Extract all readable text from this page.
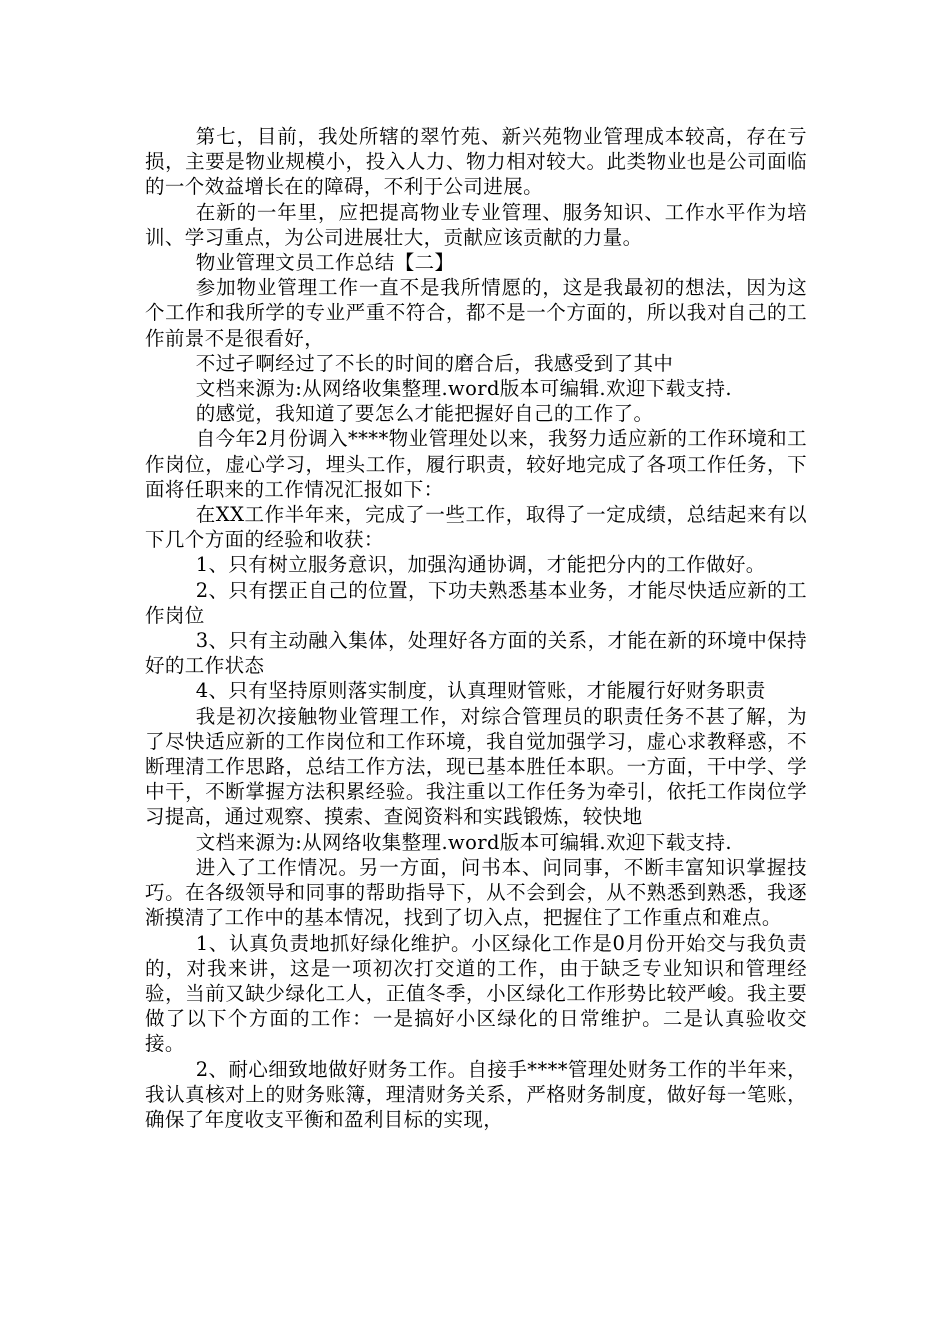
第七，目前，我处所辖的翠竹苑、新兴苑物业管理成本较高，存在亏损，主要是物业规模小，投入人力、物力相对较大。此类物业也是公司面临的一个效益增长在的障碍，不利于公司进展。

在新的一年里，应把提高物业专业管理、服务知识、工作水平作为培训、学习重点，为公司进展壮大，贡献应该贡献的力量。

物业管理文员工作总结【二】

参加物业管理工作一直不是我所情愿的，这是我最初的想法，因为这个工作和我所学的专业严重不符合，都不是一个方面的，所以我对自己的工作前景不是很看好，

不过孑啊经过了不长的时间的磨合后，我感受到了其中

文档来源为:从网络收集整理.word版本可编辑.欢迎下载支持.

的感觉，我知道了要怎么才能把握好自己的工作了。

自今年2月份调入****物业管理处以来，我努力适应新的工作环境和工作岗位，虚心学习，埋头工作，履行职责，较好地完成了各项工作任务，下面将任职来的工作情况汇报如下：

在XX工作半年来，完成了一些工作，取得了一定成绩，总结起来有以下几个方面的经验和收获：

1、只有树立服务意识，加强沟通协调，才能把分内的工作做好。

2、只有摆正自己的位置，下功夫熟悉基本业务，才能尽快适应新的工作岗位

3、只有主动融入集体，处理好各方面的关系，才能在新的环境中保持好的工作状态

4、只有坚持原则落实制度，认真理财管账，才能履行好财务职责

我是初次接触物业管理工作，对综合管理员的职责任务不甚了解，为了尽快适应新的工作岗位和工作环境，我自觉加强学习，虚心求教释惑，不断理清工作思路，总结工作方法，现已基本胜任本职。一方面，干中学、学中干，不断掌握方法积累经验。我注重以工作任务为牵引，依托工作岗位学习提高，通过观察、摸索、查阅资料和实践锻炼，较快地

文档来源为:从网络收集整理.word版本可编辑.欢迎下载支持.

进入了工作情况。另一方面，问书本、问同事，不断丰富知识掌握技巧。在各级领导和同事的帮助指导下，从不会到会，从不熟悉到熟悉，我逐渐摸清了工作中的基本情况，找到了切入点，把握住了工作重点和难点。

1、认真负责地抓好绿化维护。小区绿化工作是0月份开始交与我负责的，对我来讲，这是一项初次打交道的工作，由于缺乏专业知识和管理经验，当前又缺少绿化工人，正值冬季，小区绿化工作形势比较严峻。我主要做了以下个方面的工作：一是搞好小区绿化的日常维护。二是认真验收交接。

2、耐心细致地做好财务工作。自接手****管理处财务工作的半年来，我认真核对上的财务账簿，理清财务关系，严格财务制度，做好每一笔账，确保了年度收支平衡和盈利目标的实现，
